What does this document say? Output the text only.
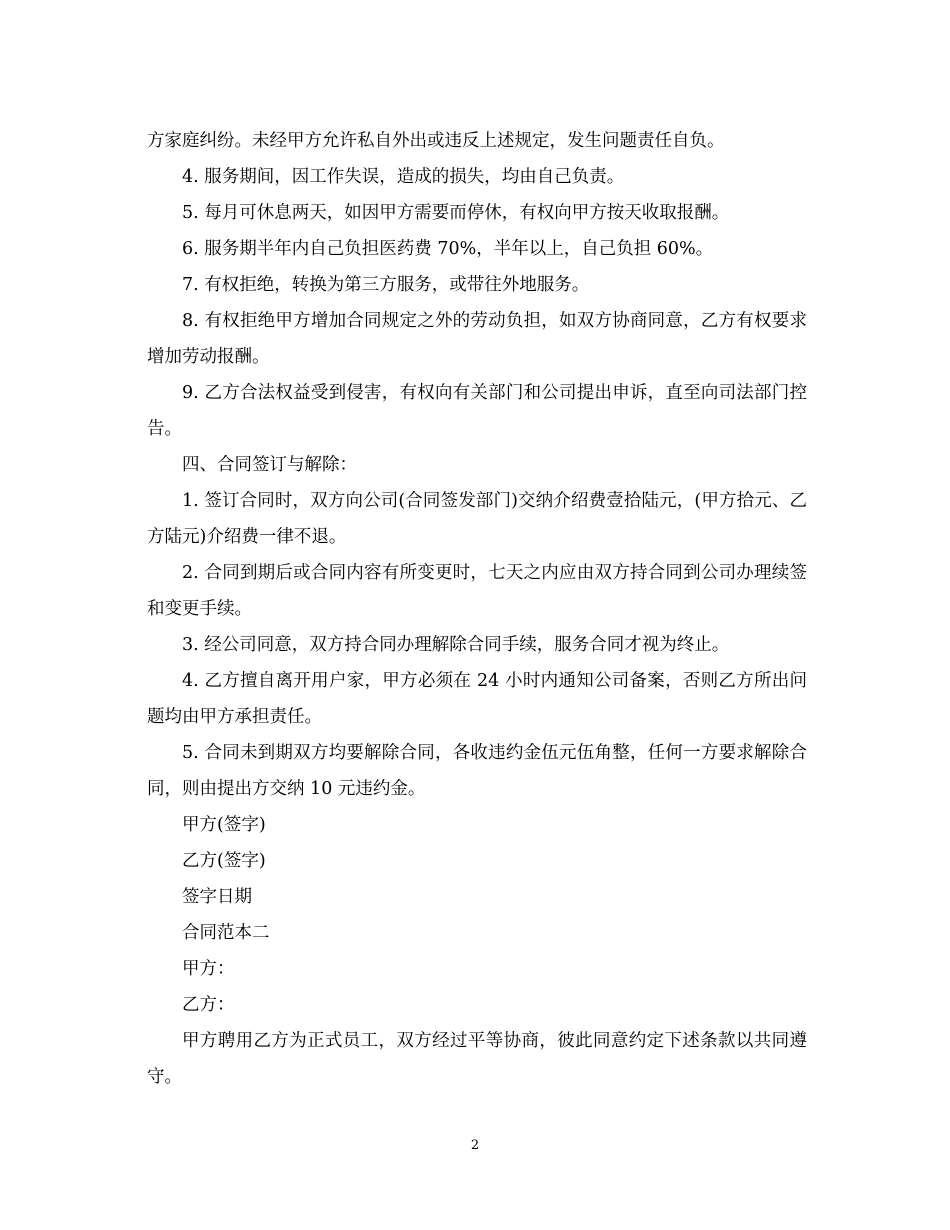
方家庭纠纷。未经甲方允许私自外出或违反上述规定，发生问题责任自负。

4. 服务期间，因工作失误，造成的损失，均由自己负责。

5. 每月可休息两天，如因甲方需要而停休，有权向甲方按天收取报酬。

6. 服务期半年内自己负担医药费 70%，半年以上，自己负担 60%。

7. 有权拒绝，转换为第三方服务，或带往外地服务。

8. 有权拒绝甲方增加合同规定之外的劳动负担，如双方协商同意，乙方有权要求增加劳动报酬。

9. 乙方合法权益受到侵害，有权向有关部门和公司提出申诉，直至向司法部门控告。

四、合同签订与解除：

1. 签订合同时，双方向公司(合同签发部门)交纳介绍费壹拾陆元，(甲方拾元、乙方陆元)介绍费一律不退。

2. 合同到期后或合同内容有所变更时，七天之内应由双方持合同到公司办理续签和变更手续。

3. 经公司同意，双方持合同办理解除合同手续，服务合同才视为终止。

4. 乙方擅自离开用户家，甲方必须在 24 小时内通知公司备案，否则乙方所出问题均由甲方承担责任。

5. 合同未到期双方均要解除合同，各收违约金伍元伍角整，任何一方要求解除合同，则由提出方交纳 10 元违约金。

甲方(签字)

乙方(签字)

签字日期

合同范本二

甲方：

乙方：

甲方聘用乙方为正式员工，双方经过平等协商，彼此同意约定下述条款以共同遵守。

2
